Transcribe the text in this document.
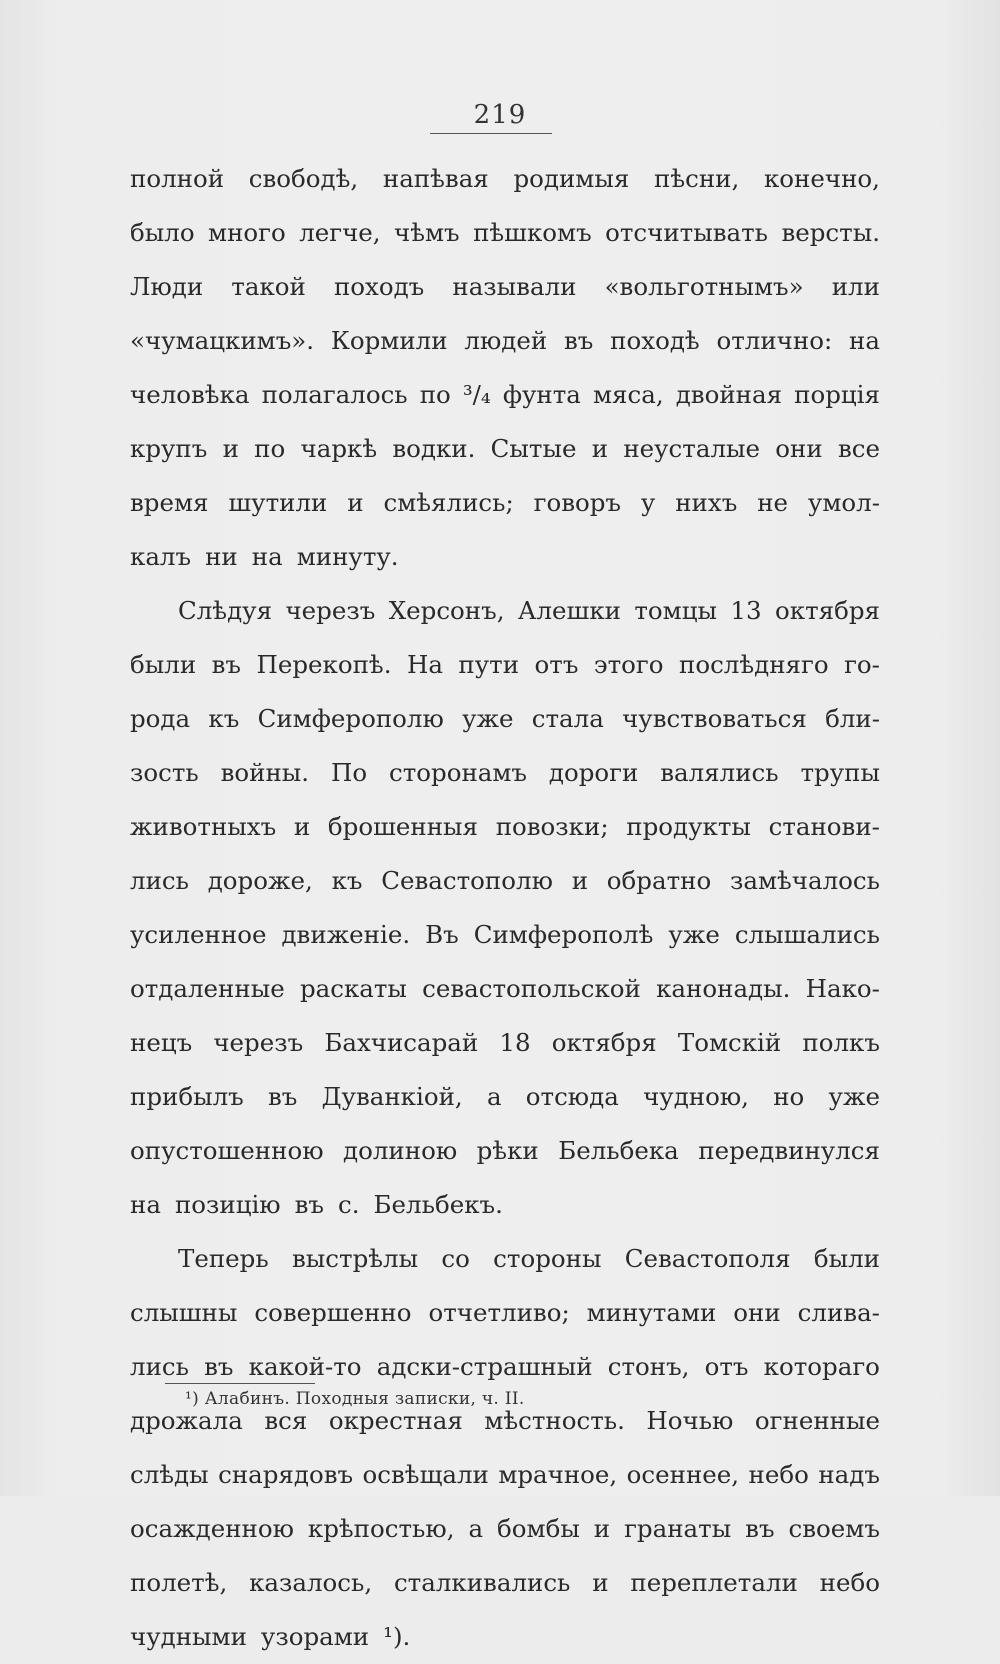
219
полной свободѣ, напѣвая родимыя пѣсни, конечно,
было много легче, чѣмъ пѣшкомъ отсчитывать версты.
Люди такой походъ называли «вольготнымъ» или
«чумацкимъ». Кормили людей въ походѣ отлично: на
человѣка полагалось по ³/₄ фунта мяса, двойная порція
крупъ и по чаркѣ водки. Сытые и неусталые они все
время шутили и смѣялись; говоръ у нихъ не умол-
калъ ни на минуту.
Слѣдуя черезъ Херсонъ, Алешки томцы 13 октября
были въ Перекопѣ. На пути отъ этого послѣдняго го-
рода къ Симферополю уже стала чувствоваться бли-
зость войны. По сторонамъ дороги валялись трупы
животныхъ и брошенныя повозки; продукты станови-
лись дороже, къ Севастополю и обратно замѣчалось
усиленное движеніе. Въ Симферополѣ уже слышались
отдаленные раскаты севастопольской канонады. Нако-
нецъ черезъ Бахчисарай 18 октября Томскій полкъ
прибылъ въ Дуванкіой, а отсюда чудною, но уже
опустошенною долиною рѣки Бельбека передвинулся
на позицію въ с. Бельбекъ.
Теперь выстрѣлы со стороны Севастополя были
слышны совершенно отчетливо; минутами они слива-
лись въ какой-то адски-страшный стонъ, отъ котораго
дрожала вся окрестная мѣстность. Ночью огненные
слѣды снарядовъ освѣщали мрачное, осеннее, небо надъ
осажденною крѣпостью, а бомбы и гранаты въ своемъ
полетѣ, казалось, сталкивались и переплетали небо
чудными узорами ¹).
¹) Алабинъ. Походныя записки, ч. II.
